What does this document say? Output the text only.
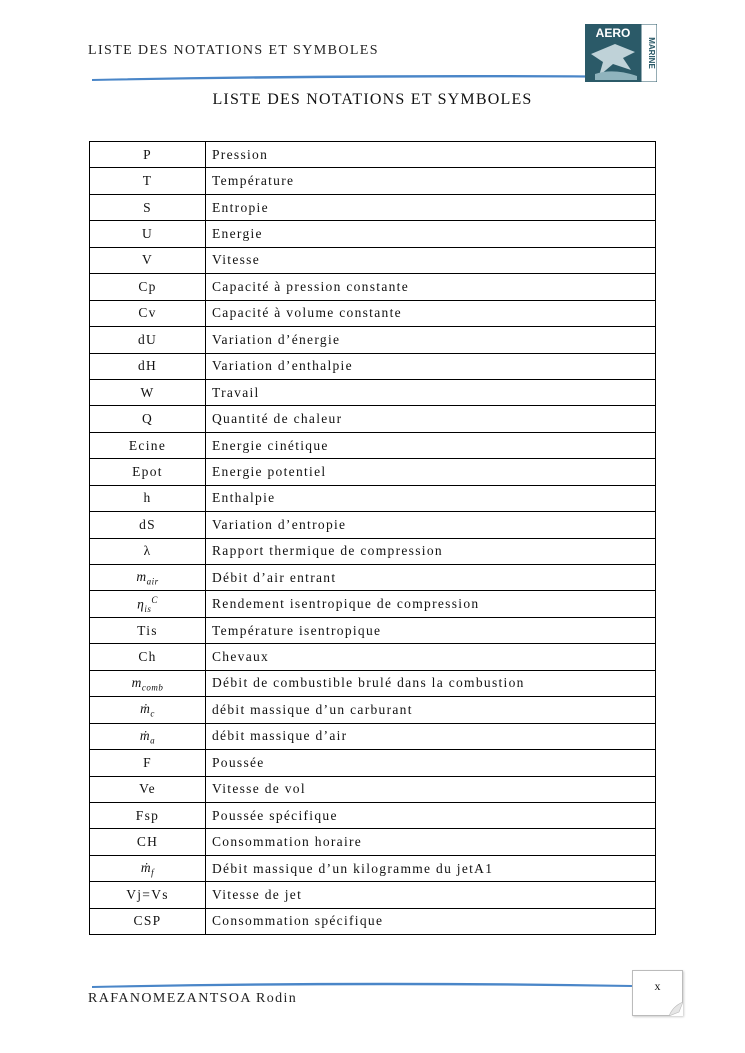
LISTE DES NOTATIONS ET SYMBOLES
AERO
MARINE
LISTE DES NOTATIONS ET SYMBOLES
P	Pression
T	Température
S	Entropie
U	Energie
V	Vitesse
Cp	Capacité à pression constante
Cv	Capacité à volume constante
dU	Variation d’énergie
dH	Variation d’enthalpie
W	Travail
Q	Quantité de chaleur
Ecine	Energie cinétique
Epot	Energie potentiel
h	Enthalpie
dS	Variation d’entropie
λ	Rapport thermique de compression
$m_{air}$	Débit d’air entrant
$\eta_{is}^C$	Rendement isentropique de compression
Tis	Température isentropique
Ch	Chevaux
$m_{comb}$	Débit de combustible brulé dans la combustion
ṁ$_c$	débit massique d’un carburant
ṁ$_a$	débit massique d’air
F	Poussée
Ve	Vitesse de vol
Fsp	Poussée spécifique
CH	Consommation horaire
ṁ$_f$	Débit massique d’un kilogramme du jetA1
Vj=Vs	Vitesse de jet
CSP	Consommation spécifique
RAFANOMEZANTSOA Rodin
x
